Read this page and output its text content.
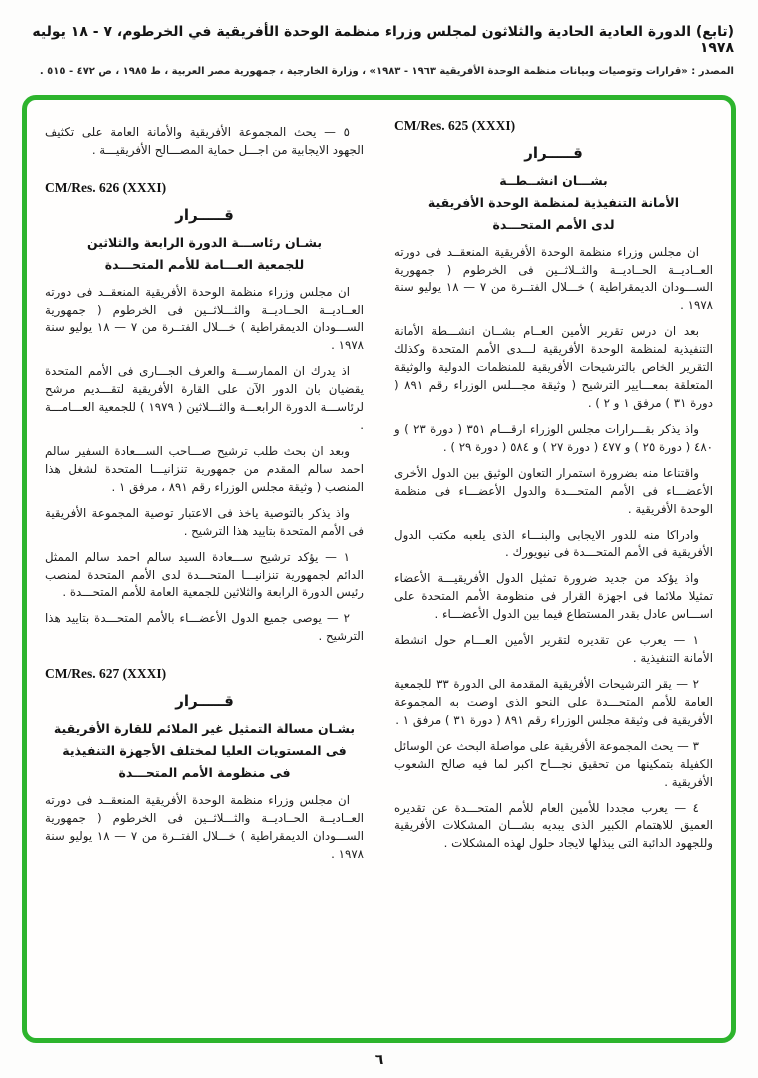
(تابع) الدورة العادية الحادية والثلاثون لمجلس وزراء منظمة الوحدة الأفريقية في الخرطوم، ٧ - ١٨ يوليه ١٩٧٨
المصدر : «قرارات وتوصيات وبيانات منظمة الوحدة الأفريقية ١٩٦٣ - ١٩٨٣» ، وزارة الخارجية ، جمهورية مصر العربية ، ط ١٩٨٥ ، ص ٤٧٢ - ٥١٥ .
CM/Res. 625 (XXXI)
قـــــرار
بشـــان انشــطــة
الأمانة التنفيذية لمنظمة الوحدة الأفريقية
لدى الأمم المتحـــدة

ان مجلس وزراء منظمة الوحدة الأفريقية المنعقــد فى دورته العــاديــة الحــاديــة والثــلاثــين فى الخرطوم ( جمهورية الســـودان الديمقراطية ) خـــلال الفتــرة من ٧ — ١٨ يوليو سنة ١٩٧٨ .

بعد ان درس تقرير الأمين العــام بشــان انشـــطة الأمانة التنفيذية لمنظمة الوحدة الأفريقية لـــدى الأمم المتحدة وكذلك التقرير الخاص بالترشيحات الأفريقية للمنظمات الدولية والوثيقة المتعلقة بمعـــايير الترشيح ( وثيقة مجـــلس الوزراء رقم ٨٩١ ( دورة ٣١ ) مرفق ١ و ٢ ) .

واذ يذكر بقـــرارات مجلس الوزراء ارقـــام ٣٥١ ( دورة ٢٣ ) و ٤٨٠ ( دورة ٢٥ ) و ٤٧٧ ( دورة ٢٧ ) و ٥٨٤ ( دورة ٢٩ ) .

واقتناعا منه بضرورة استمرار التعاون الوثيق بين الدول الأخرى الأعضـــاء فى الأمم المتحـــدة والدول الأعضـــاء فى منظمة الوحدة الأفريقية .

وادراكا منه للدور الايجابى والبنـــاء الذى يلعبه مكتب الدول الأفريقية فى الأمم المتحـــدة فى نيويورك .

واذ يؤكد من جديد ضرورة تمثيل الدول الأفريقيـــة الأعضاء تمثيلا ملائما فى اجهزة القرار فى منظومة الأمم المتحدة على اســـاس عادل بقدر المستطاع فيما بين الدول الأعضـــاء .

١ — يعرب عن تقديره لتقرير الأمين العـــام حول انشطة الأمانة التنفيذية .

٢ — يقر الترشيحات الأفريقية المقدمة الى الدورة ٣٣ للجمعية العامة للأمم المتحـــدة على النحو الذى اوصت به المجموعة الأفريقية فى وثيقة مجلس الوزراء رقم ٨٩١ ( دورة ٣١ ) مرفق ١ .

٣ — يحث المجموعة الأفريقية على مواصلة البحث عن الوسائل الكفيلة بتمكينها من تحقيق نجـــاح اكبر لما فيه صالح الشعوب الأفريقية .

٤ — يعرب مجددا للأمين العام للأمم المتحـــدة عن تقديره العميق للاهتمام الكبير الذى يبديه بشـــان المشكلات الأفريقية وللجهود الدائبة التى يبذلها لايجاد حلول لهذه المشكلات .

٥ — يحث المجموعة الأفريقية والأمانة العامة على تكثيف الجهود الايجابية من اجـــل حماية المصـــالح الأفريقيـــة .

CM/Res. 626 (XXXI)
قـــــرار
بشـان رئاســـة الدورة الرابعة والثلاثين
للجمعية العـــامة للأمم المتحـــدة

ان مجلس وزراء منظمة الوحدة الأفريقية المنعقــد فى دورته العــاديــة الحــاديــة والثـــلاثــين فى الخرطوم ( جمهورية الســـودان الديمقراطية ) خـــلال الفتــرة من ٧ — ١٨ يوليو سنة ١٩٧٨ .

اذ يدرك ان الممارســـة والعرف الجـــارى فى الأمم المتحدة يقضيان بان الدور الآن على القارة الأفريقية لتقـــديم مرشح لرئاســـة الدورة الرابعـــة والثـــلاثين ( ١٩٧٩ ) للجمعية العـــامـــة .

وبعد ان بحث طلب ترشيح صـــاحب الســـعادة السفير سالم احمد سالم المقدم من جمهورية تنزانيـــا المتحدة لشغل هذا المنصب ( وثيقة مجلس الوزراء رقم ٨٩١ ، مرفق ١ .

واذ يذكر بالتوصية ياخذ فى الاعتبار توصية المجموعة الأفريقية فى الأمم المتحدة بتاييد هذا الترشيح .

١ — يؤكد ترشيح ســـعادة السيد سالم احمد سالم الممثل الدائم لجمهورية تنزانيـــا المتحـــدة لدى الأمم المتحدة لمنصب رئيس الدورة الرابعة والثلاثين للجمعية العامة للأمم المتحـــدة .

٢ — يوصى جميع الدول الأعضـــاء بالأمم المتحـــدة بتاييد هذا الترشيح .

CM/Res. 627 (XXXI)
قـــــرار
بشـان مسالة التمثيل غير الملائم للقارة الأفريقية
فى المستويات العليا لمختلف الأجهزة التنفيذية
فى منظومة الأمم المتحـــدة

ان مجلس وزراء منظمة الوحدة الأفريقية المنعقــد فى دورته العــاديــة الحــاديــة والثـــلاثــين فى الخرطوم ( جمهورية الســـودان الديمقراطية ) خـــلال الفتــرة من ٧ — ١٨ يوليو سنة ١٩٧٨ .

٦
